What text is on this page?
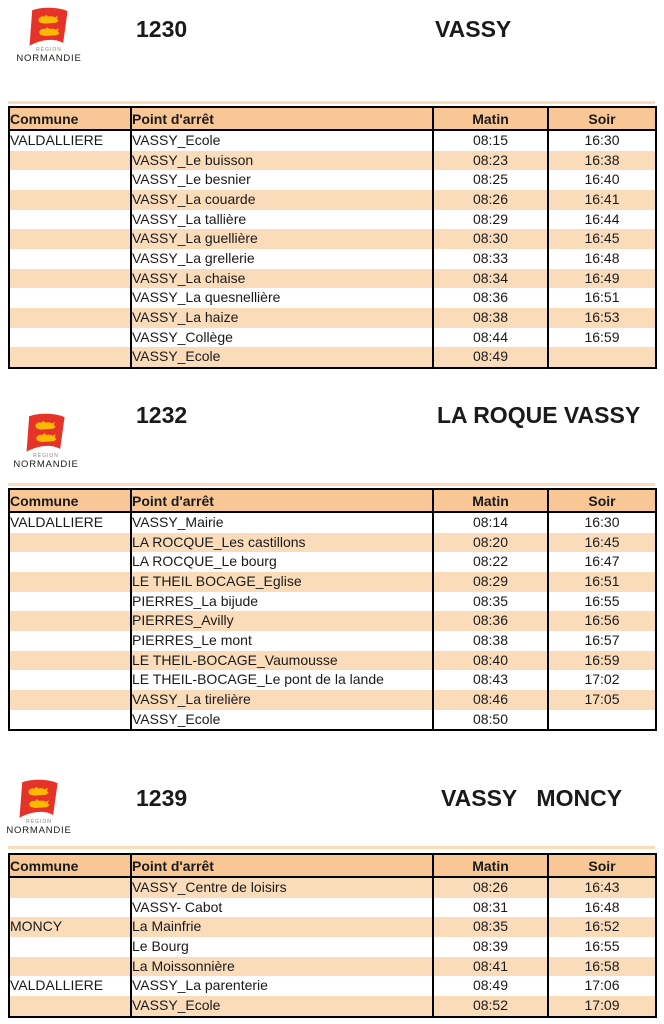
RÉGION
NORMANDIE
1230	VASSY
Commune	Point d'arrêt	Matin	Soir
VALDALLIERE	VASSY_Ecole	08:15	16:30
	VASSY_Le buisson	08:23	16:38
	VASSY_Le besnier	08:25	16:40
	VASSY_La couarde	08:26	16:41
	VASSY_La tallière	08:29	16:44
	VASSY_La guellière	08:30	16:45
	VASSY_La grellerie	08:33	16:48
	VASSY_La chaise	08:34	16:49
	VASSY_La quesnellière	08:36	16:51
	VASSY_La haize	08:38	16:53
	VASSY_Collège	08:44	16:59
	VASSY_Ecole	08:49	
RÉGION
NORMANDIE
1232	LA ROQUE VASSY
Commune	Point d'arrêt	Matin	Soir
VALDALLIERE	VASSY_Mairie	08:14	16:30
	LA ROCQUE_Les castillons	08:20	16:45
	LA ROCQUE_Le bourg	08:22	16:47
	LE THEIL BOCAGE_Eglise	08:29	16:51
	PIERRES_La bijude	08:35	16:55
	PIERRES_Avilly	08:36	16:56
	PIERRES_Le mont	08:38	16:57
	LE THEIL-BOCAGE_Vaumousse	08:40	16:59
	LE THEIL-BOCAGE_Le pont de la lande	08:43	17:02
	VASSY_La tirelière	08:46	17:05
	VASSY_Ecole	08:50	
RÉGION
NORMANDIE
1239	VASSY   MONCY
Commune	Point d'arrêt	Matin	Soir
	VASSY_Centre de loisirs	08:26	16:43
	VASSY- Cabot	08:31	16:48
MONCY	La Mainfrie	08:35	16:52
	Le Bourg	08:39	16:55
	La Moissonnière	08:41	16:58
VALDALLIERE	VASSY_La parenterie	08:49	17:06
	VASSY_Ecole	08:52	17:09
